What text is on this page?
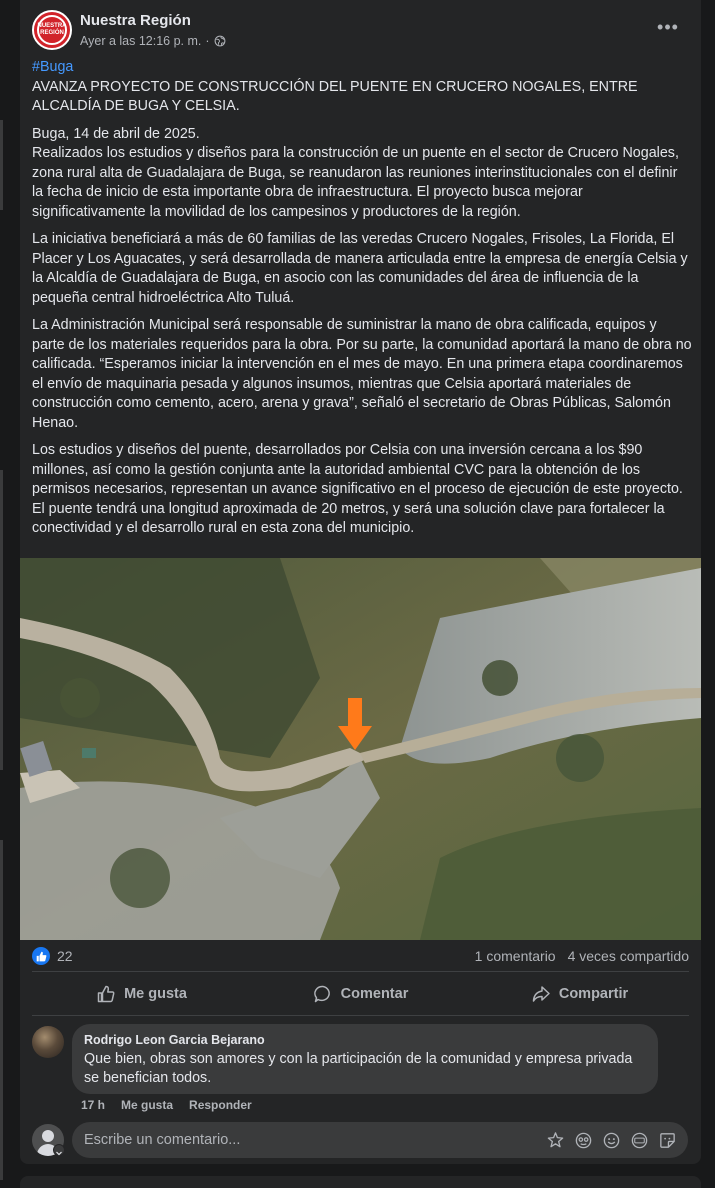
NUESTRA
REGIÓN
Nuestra Región
Ayer a las 12:16 p. m. ·
•••
#Buga

AVANZA PROYECTO DE CONSTRUCCIÓN DEL PUENTE EN CRUCERO NOGALES, ENTRE ALCALDÍA DE BUGA Y CELSIA.

Buga, 14 de abril de 2025.

Realizados los estudios y diseños para la construcción de un puente en el sector de Crucero Nogales, zona rural alta de Guadalajara de Buga, se reanudaron las reuniones interinstitucionales con el definir la fecha de inicio de esta importante obra de infraestructura. El proyecto busca mejorar significativamente la movilidad de los campesinos y productores de la región.

La iniciativa beneficiará a más de 60 familias de las veredas Crucero Nogales, Frisoles, La Florida, El Placer y Los Aguacates, y será desarrollada de manera articulada entre la empresa de energía Celsia y la Alcaldía de Guadalajara de Buga, en asocio con las comunidades del área de influencia de la pequeña central hidroeléctrica Alto Tuluá.

La Administración Municipal será responsable de suministrar la mano de obra calificada, equipos y parte de los materiales requeridos para la obra. Por su parte, la comunidad aportará la mano de obra no calificada. “Esperamos iniciar la intervención en el mes de mayo. En una primera etapa coordinaremos el envío de maquinaria pesada y algunos insumos, mientras que Celsia aportará materiales de construcción como cemento, acero, arena y grava”, señaló el secretario de Obras Públicas, Salomón Henao.

Los estudios y diseños del puente, desarrollados por Celsia con una inversión cercana a los $90 millones, así como la gestión conjunta ante la autoridad ambiental CVC para la obtención de los permisos necesarios, representan un avance significativo en el proceso de ejecución de este proyecto. El puente tendrá una longitud aproximada de 20 metros, y será una solución clave para fortalecer la conectividad y el desarrollo rural en esta zona del municipio.

22	1 comentario 4 veces compartido
Me gusta	Comentar	Compartir
Rodrigo Leon Garcia Bejarano
Que bien, obras son amores y con la participación de la comunidad y empresa privada se benefician todos.
17 h Me gusta Responder
Escribe un comentario...
